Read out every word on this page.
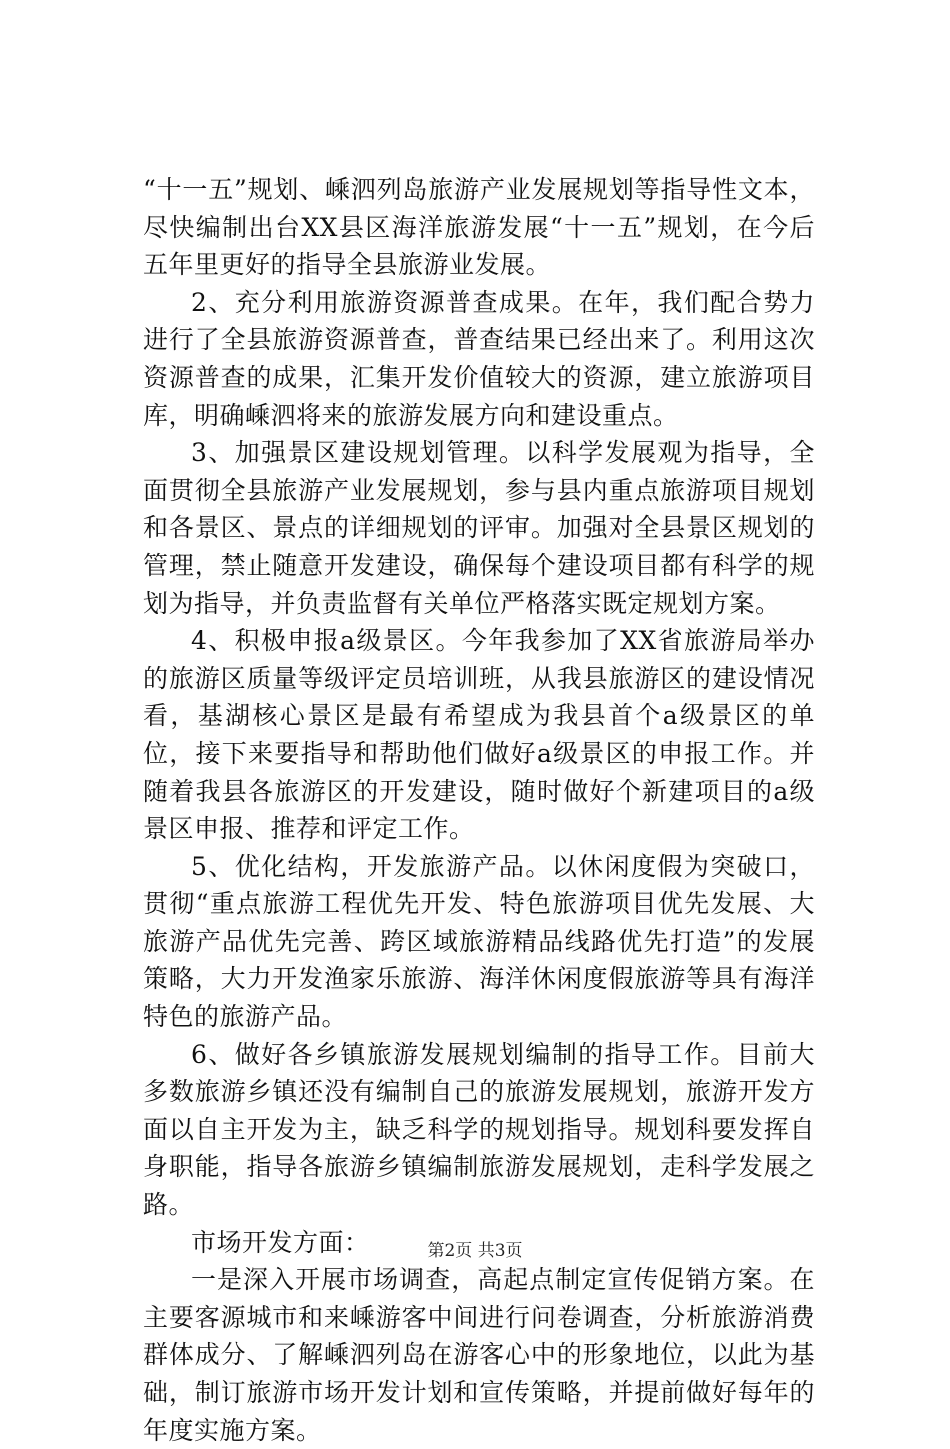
“十一五”规划、嵊泗列岛旅游产业发展规划等指导性文本，尽快编制出台XX县区海洋旅游发展“十一五”规划，在今后五年里更好的指导全县旅游业发展。

2、充分利用旅游资源普查成果。在年，我们配合势力进行了全县旅游资源普查，普查结果已经出来了。利用这次资源普查的成果，汇集开发价值较大的资源，建立旅游项目库，明确嵊泗将来的旅游发展方向和建设重点。

3、加强景区建设规划管理。以科学发展观为指导，全面贯彻全县旅游产业发展规划，参与县内重点旅游项目规划和各景区、景点的详细规划的评审。加强对全县景区规划的管理，禁止随意开发建设，确保每个建设项目都有科学的规划为指导，并负责监督有关单位严格落实既定规划方案。

4、积极申报a级景区。今年我参加了XX省旅游局举办的旅游区质量等级评定员培训班，从我县旅游区的建设情况看，基湖核心景区是最有希望成为我县首个a级景区的单位，接下来要指导和帮助他们做好a级景区的申报工作。并随着我县各旅游区的开发建设，随时做好个新建项目的a级景区申报、推荐和评定工作。

5、优化结构，开发旅游产品。以休闲度假为突破口，贯彻“重点旅游工程优先开发、特色旅游项目优先发展、大旅游产品优先完善、跨区域旅游精品线路优先打造”的发展策略，大力开发渔家乐旅游、海洋休闲度假旅游等具有海洋特色的旅游产品。

6、做好各乡镇旅游发展规划编制的指导工作。目前大多数旅游乡镇还没有编制自己的旅游发展规划，旅游开发方面以自主开发为主，缺乏科学的规划指导。规划科要发挥自身职能，指导各旅游乡镇编制旅游发展规划，走科学发展之路。

市场开发方面：

一是深入开展市场调查，高起点制定宣传促销方案。在主要客源城市和来嵊游客中间进行问卷调查，分析旅游消费群体成分、了解嵊泗列岛在游客心中的形象地位，以此为基础，制订旅游市场开发计划和宣传策略，并提前做好每年的年度实施方案。

第2页 共3页
